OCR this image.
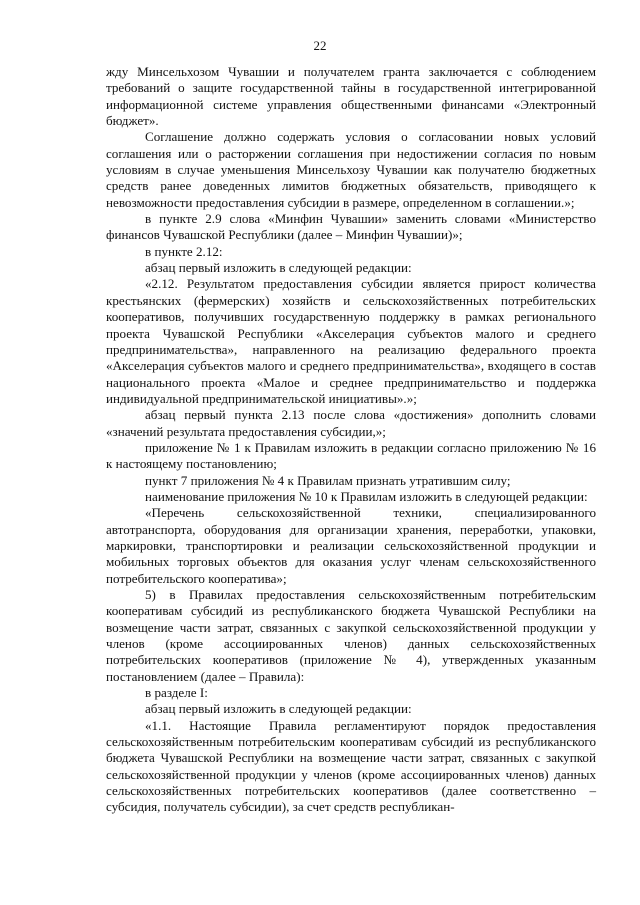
22

жду Минсельхозом Чувашии и получателем гранта заключается с соблюдением требований о защите государственной тайны в государственной интегрированной информационной системе управления общественными финансами «Электронный бюджет».

Соглашение должно содержать условия о согласовании новых условий соглашения или о расторжении соглашения при недостижении согласия по новым условиям в случае уменьшения Минсельхозу Чувашии как получателю бюджетных средств ранее доведенных лимитов бюджетных обязательств, приводящего к невозможности предоставления субсидии в размере, определенном в соглашении.»;

в пункте 2.9 слова «Минфин Чувашии» заменить словами «Министерство финансов Чувашской Республики (далее – Минфин Чувашии)»;

в пункте 2.12:

абзац первый изложить в следующей редакции:

«2.12. Результатом предоставления субсидии является прирост количества крестьянских (фермерских) хозяйств и сельскохозяйственных потребительских кооперативов, получивших государственную поддержку в рамках регионального проекта Чувашской Республики «Акселерация субъектов малого и среднего предпринимательства», направленного на реализацию федерального проекта «Акселерация субъектов малого и среднего предпринимательства», входящего в состав национального проекта «Малое и среднее предпринимательство и поддержка индивидуальной предпринимательской инициативы».»;

абзац первый пункта 2.13 после слова «достижения» дополнить словами «значений результата предоставления субсидии,»;

приложение № 1 к Правилам изложить в редакции согласно приложению № 16 к настоящему постановлению;

пункт 7 приложения № 4 к Правилам признать утратившим силу;

наименование приложения № 10 к Правилам изложить в следующей редакции:

«Перечень сельскохозяйственной техники, специализированного автотранспорта, оборудования для организации хранения, переработки, упаковки, маркировки, транспортировки и реализации сельскохозяйственной продукции и мобильных торговых объектов для оказания услуг членам сельскохозяйственного потребительского кооператива»;

5) в Правилах предоставления сельскохозяйственным потребительским кооперативам субсидий из республиканского бюджета Чувашской Республики на возмещение части затрат, связанных с закупкой сельскохозяйственной продукции у членов (кроме ассоциированных членов) данных сельскохозяйственных потребительских кооперативов (приложение № 4), утвержденных указанным постановлением (далее – Правила):

в разделе I:

абзац первый изложить в следующей редакции:

«1.1. Настоящие Правила регламентируют порядок предоставления сельскохозяйственным потребительским кооперативам субсидий из республиканского бюджета Чувашской Республики на возмещение части затрат, связанных с закупкой сельскохозяйственной продукции у членов (кроме ассоциированных членов) данных сельскохозяйственных потребительских кооперативов (далее соответственно – субсидия, получатель субсидии), за счет средств республикан-
